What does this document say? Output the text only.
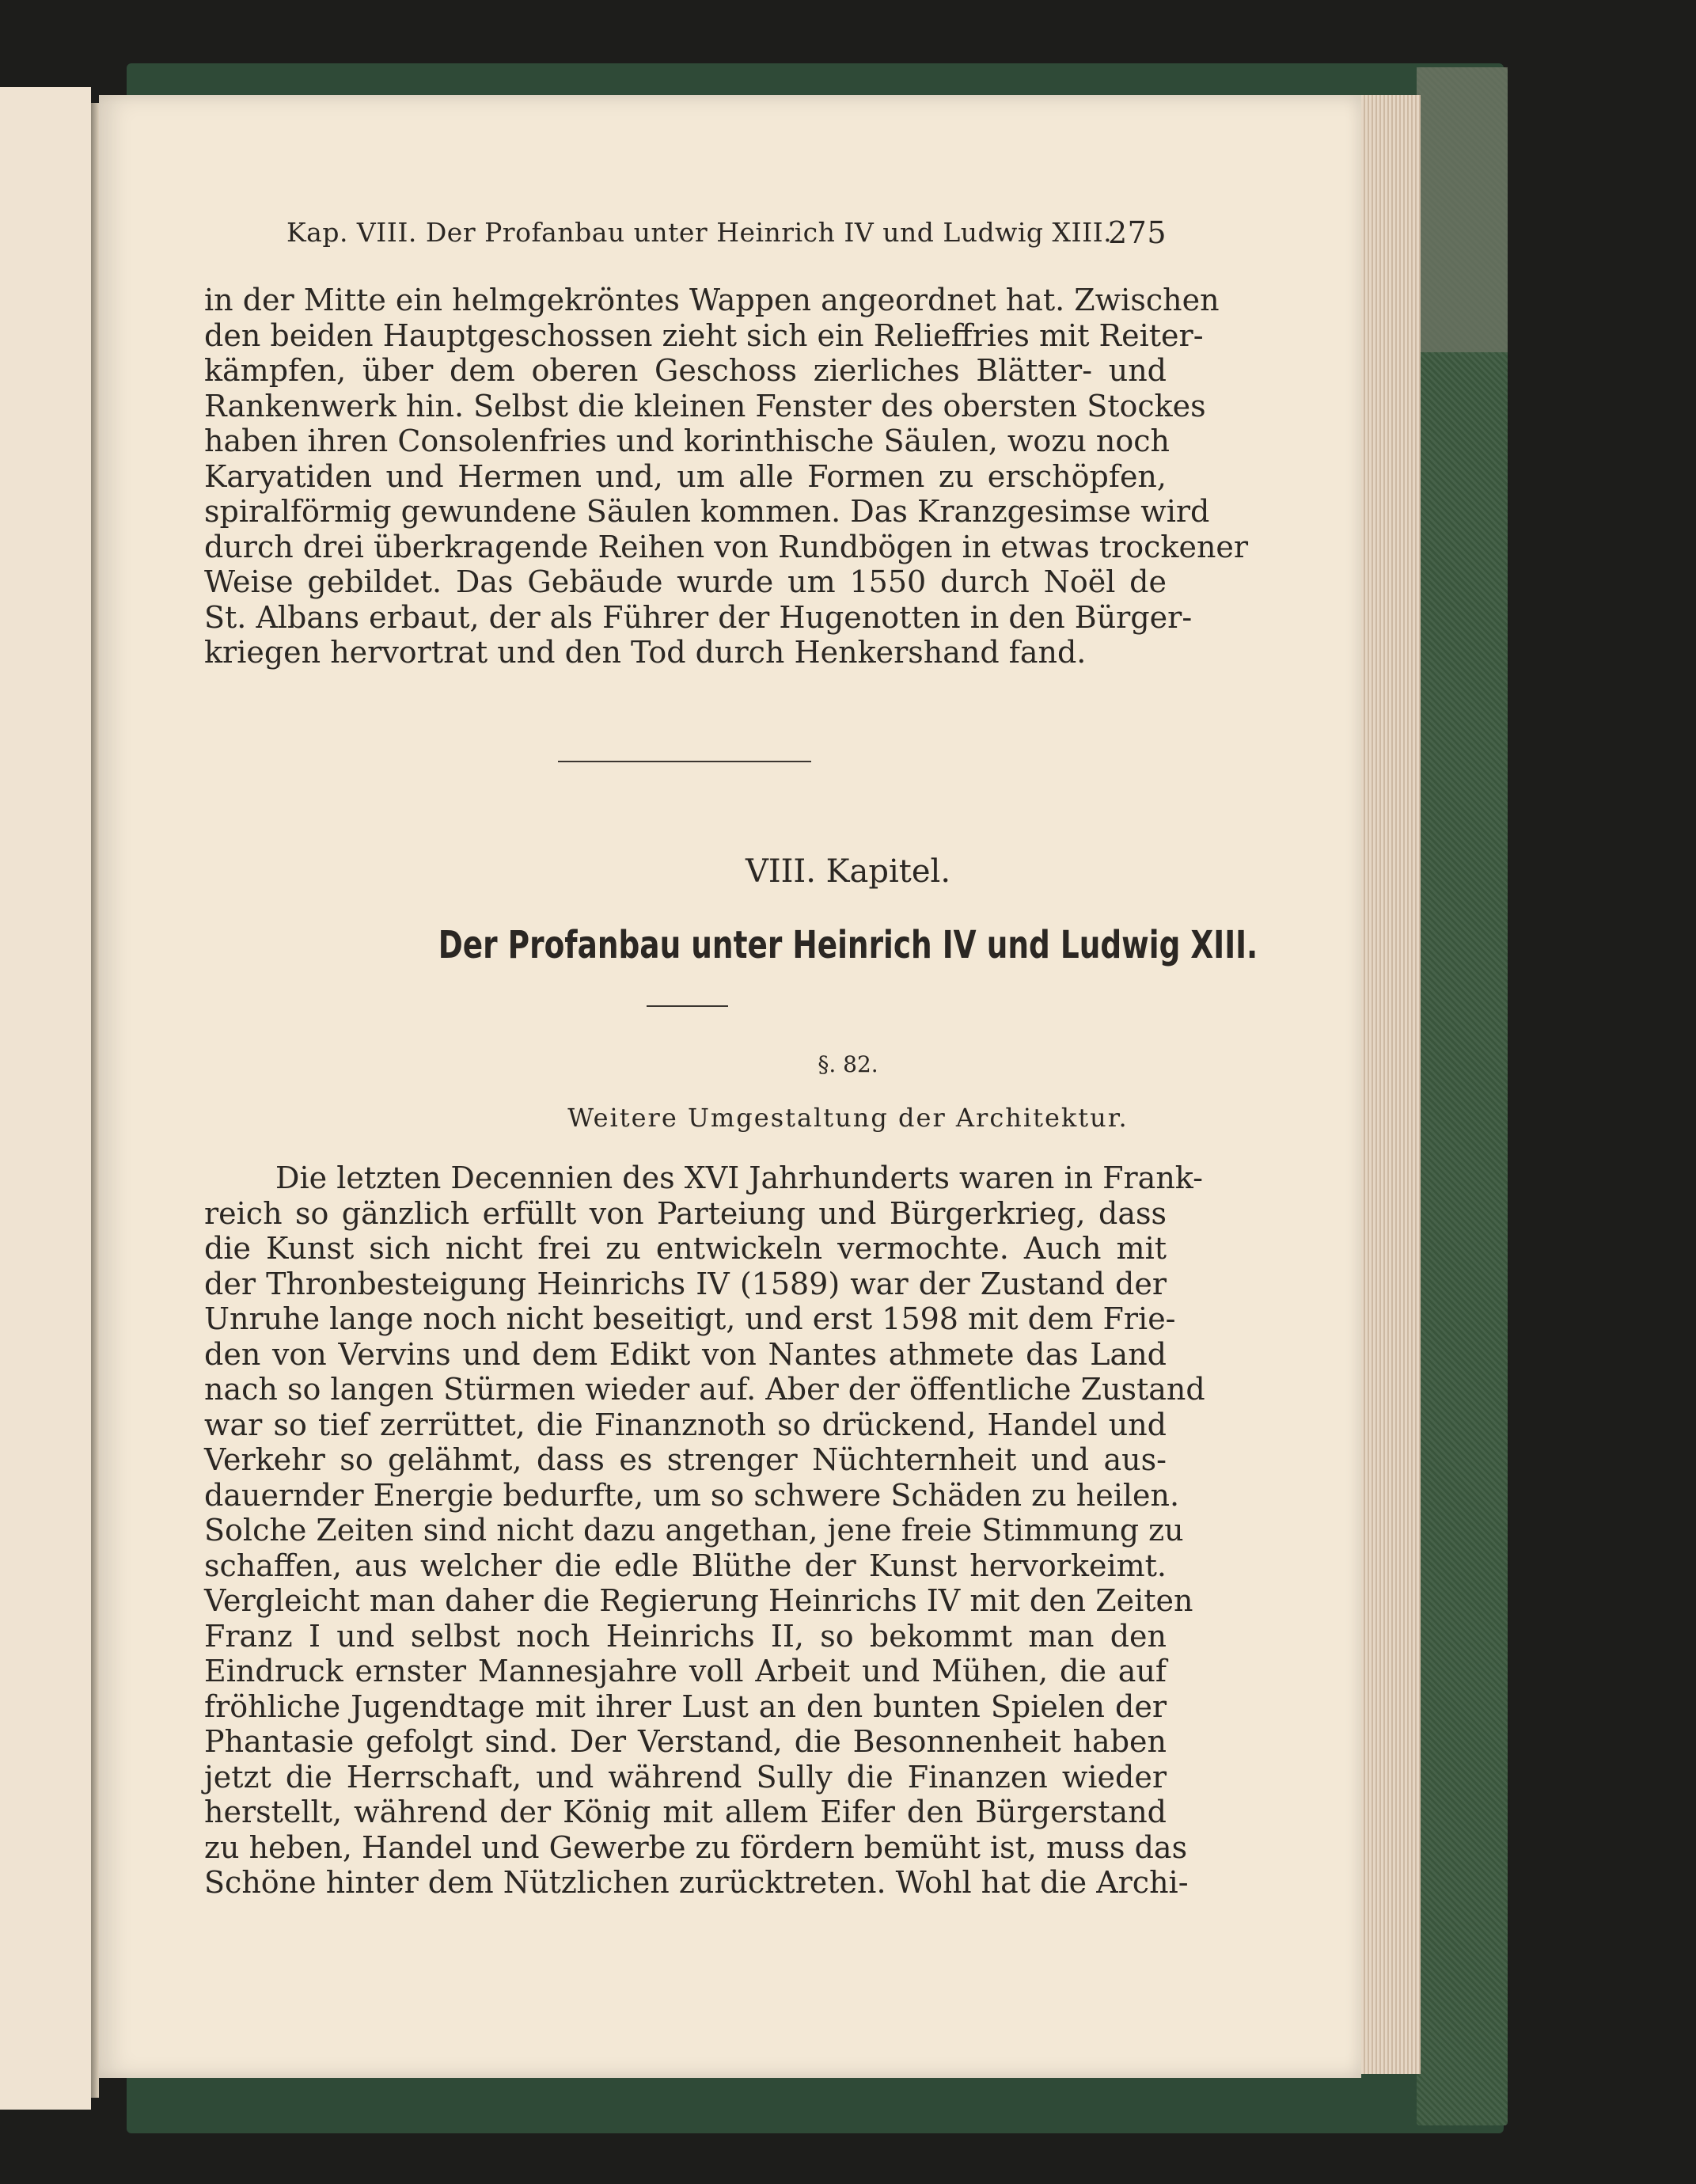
Kap. VIII. Der Profanbau unter Heinrich IV und Ludwig XIII.
275
in der Mitte ein helmgekröntes Wappen angeordnet hat. Zwischen
den beiden Hauptgeschossen zieht sich ein Relieffries mit Reiter-
kämpfen, über dem oberen Geschoss zierliches Blätter- und
Rankenwerk hin. Selbst die kleinen Fenster des obersten Stockes
haben ihren Consolenfries und korinthische Säulen, wozu noch
Karyatiden und Hermen und, um alle Formen zu erschöpfen,
spiralförmig gewundene Säulen kommen. Das Kranzgesimse wird
durch drei überkragende Reihen von Rundbögen in etwas trockener
Weise gebildet. Das Gebäude wurde um 1550 durch Noël de
St. Albans erbaut, der als Führer der Hugenotten in den Bürger-
kriegen hervortrat und den Tod durch Henkershand fand.
VIII. Kapitel.
Der Profanbau unter Heinrich IV und Ludwig XIII.
§. 82.
Weitere Umgestaltung der Architektur.
Die letzten Decennien des XVI Jahrhunderts waren in Frank-
reich so gänzlich erfüllt von Parteiung und Bürgerkrieg, dass
die Kunst sich nicht frei zu entwickeln vermochte. Auch mit
der Thronbesteigung Heinrichs IV (1589) war der Zustand der
Unruhe lange noch nicht beseitigt, und erst 1598 mit dem Frie-
den von Vervins und dem Edikt von Nantes athmete das Land
nach so langen Stürmen wieder auf. Aber der öffentliche Zustand
war so tief zerrüttet, die Finanznoth so drückend, Handel und
Verkehr so gelähmt, dass es strenger Nüchternheit und aus-
dauernder Energie bedurfte, um so schwere Schäden zu heilen.
Solche Zeiten sind nicht dazu angethan, jene freie Stimmung zu
schaffen, aus welcher die edle Blüthe der Kunst hervorkeimt.
Vergleicht man daher die Regierung Heinrichs IV mit den Zeiten
Franz I und selbst noch Heinrichs II, so bekommt man den
Eindruck ernster Mannesjahre voll Arbeit und Mühen, die auf
fröhliche Jugendtage mit ihrer Lust an den bunten Spielen der
Phantasie gefolgt sind. Der Verstand, die Besonnenheit haben
jetzt die Herrschaft, und während Sully die Finanzen wieder
herstellt, während der König mit allem Eifer den Bürgerstand
zu heben, Handel und Gewerbe zu fördern bemüht ist, muss das
Schöne hinter dem Nützlichen zurücktreten. Wohl hat die Archi-
